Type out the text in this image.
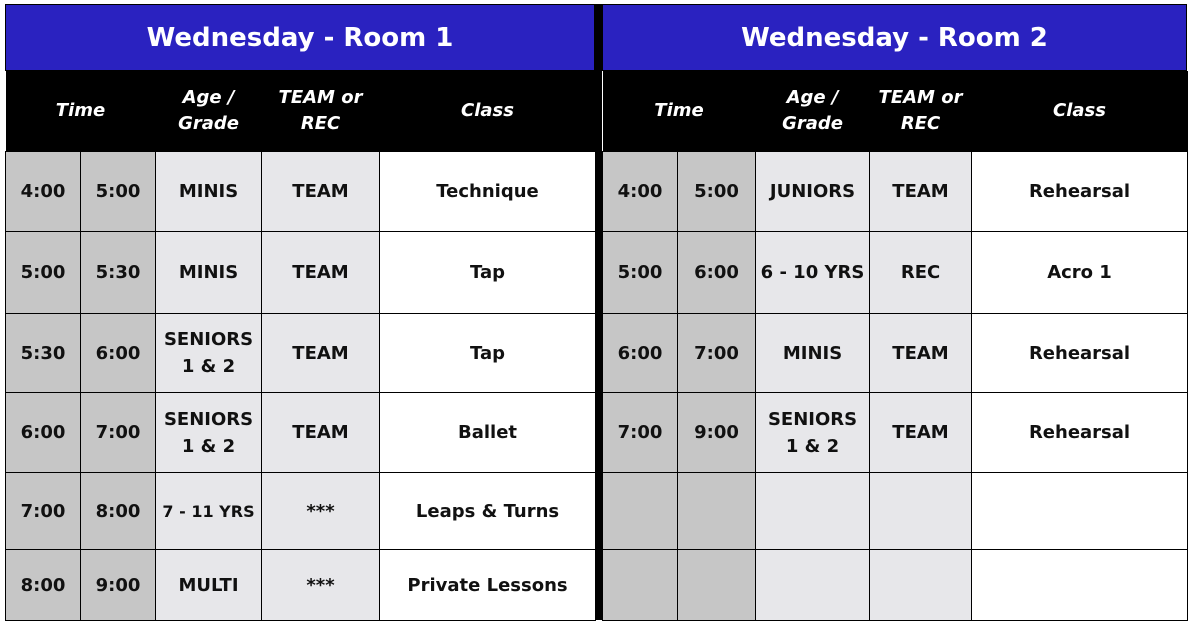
Wednesday - Room 1
Time		Age /
Grade	TEAM or
REC	Class
4:00	5:00	MINIS	TEAM	Technique
5:00	5:30	MINIS	TEAM	Tap
5:30	6:00	SENIORS
1 & 2	TEAM	Tap
6:00	7:00	SENIORS
1 & 2	TEAM	Ballet
7:00	8:00	7 - 11 YRS	***	Leaps & Turns
8:00	9:00	MULTI	***	Private Lessons
Wednesday - Room 2
Time		Age /
Grade	TEAM or
REC	Class
4:00	5:00	JUNIORS	TEAM	Rehearsal
5:00	6:00	6 - 10 YRS	REC	Acro 1
6:00	7:00	MINIS	TEAM	Rehearsal
7:00	9:00	SENIORS
1 & 2	TEAM	Rehearsal
